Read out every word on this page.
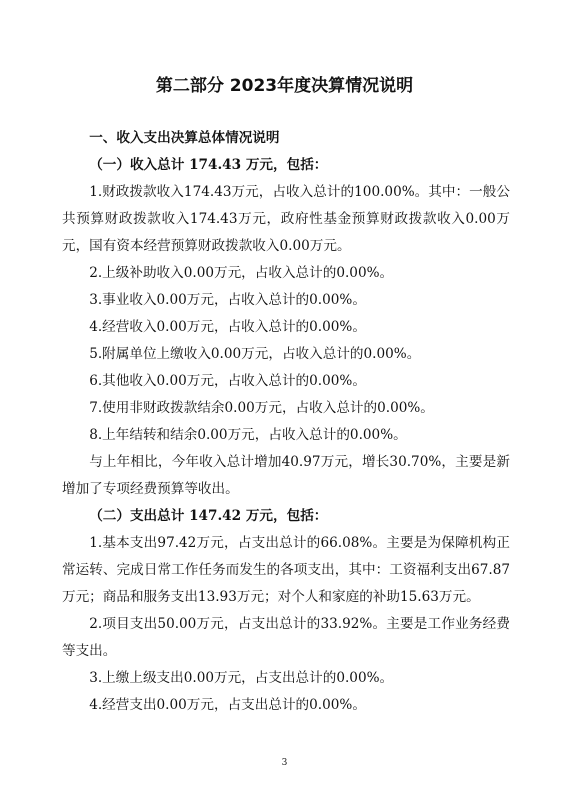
第二部分 2023年度决算情况说明

一、收入支出决算总体情况说明

（一）收入总计 174.43 万元，包括：

1.财政拨款收入174.43万元，占收入总计的100.00%。其中：一般公共预算财政拨款收入174.43万元，政府性基金预算财政拨款收入0.00万元，国有资本经营预算财政拨款收入0.00万元。

2.上级补助收入0.00万元，占收入总计的0.00%。

3.事业收入0.00万元，占收入总计的0.00%。

4.经营收入0.00万元，占收入总计的0.00%。

5.附属单位上缴收入0.00万元，占收入总计的0.00%。

6.其他收入0.00万元，占收入总计的0.00%。

7.使用非财政拨款结余0.00万元，占收入总计的0.00%。

8.上年结转和结余0.00万元，占收入总计的0.00%。

与上年相比，今年收入总计增加40.97万元，增长30.70%，主要是新增加了专项经费预算等收出。

（二）支出总计 147.42 万元，包括：

1.基本支出97.42万元，占支出总计的66.08%。主要是为保障机构正常运转、完成日常工作任务而发生的各项支出，其中：工资福利支出67.87万元；商品和服务支出13.93万元；对个人和家庭的补助15.63万元。

2.项目支出50.00万元，占支出总计的33.92%。主要是工作业务经费等支出。

3.上缴上级支出0.00万元，占支出总计的0.00%。

4.经营支出0.00万元，占支出总计的0.00%。

3
